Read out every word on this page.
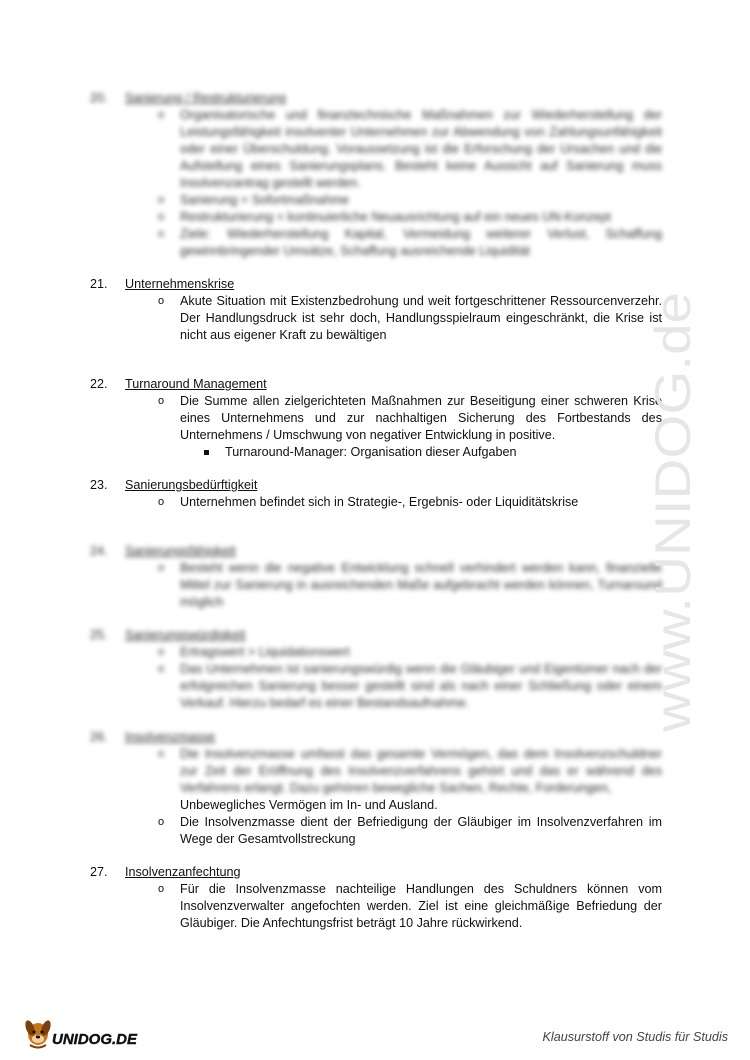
20.	Sanierung / Restrukturierung
o Organisatorische und finanztechnische Maßnahmen zur Wiederherstellung der Leistungsfähigkeit insolventer Unternehmen zur Abwendung von Zahlungsunfähigkeit oder einer Überschuldung. Voraussetzung ist die Erforschung der Ursachen und die Aufstellung eines Sanierungsplans. Besteht keine Aussicht auf Sanierung muss Insolvenzantrag gestellt werden.
o Sanierung = Sofortmaßnahme
o Restrukturierung = kontinuierliche Neuausrichtung auf ein neues UN-Konzept
o Ziele: Wiederherstellung Kapital, Vermeidung weiterer Verlust, Schaffung gewinnbringender Umsätze, Schaffung ausreichende Liquidität
21.	Unternehmenskrise
o Akute Situation mit Existenzbedrohung und weit fortgeschrittener Ressourcenverzehr. Der Handlungsdruck ist sehr doch, Handlungsspielraum eingeschränkt, die Krise ist nicht aus eigener Kraft zu bewältigen
22.	Turnaround Management
o Die Summe allen zielgerichteten Maßnahmen zur Beseitigung einer schweren Krise eines Unternehmens und zur nachhaltigen Sicherung des Fortbestands des Unternehmens / Umschwung von negativer Entwicklung in positive.
Turnaround-Manager: Organisation dieser Aufgaben
23.	Sanierungsbedürftigkeit
o Unternehmen befindet sich in Strategie-, Ergebnis- oder Liquiditätskrise
24.	Sanierungsfähigkeit
o Besteht wenn die negative Entwicklung schnell verhindert werden kann, finanzielle Mittel zur Sanierung in ausreichenden Maße aufgebracht werden können, Turnaround möglich
25.	Sanierungswürdigkeit
o Ertragswert > Liquidationswert
o Das Unternehmen ist sanierungswürdig wenn die Gläubiger und Eigentümer nach der erfolgreichen Sanierung besser gestellt sind als nach einer Schließung oder einem Verkauf. Hierzu bedarf es einer Bestandsaufnahme.
26.	Insolvenzmasse
o Die Insolvenzmasse umfasst das gesamte Vermögen, das dem Insolvenzschuldner zur Zeit der Eröffnung des Insolvenzverfahrens gehört und das er während des Verfahrens erlangt. Dazu gehören bewegliche Sachen, Rechte, Forderungen,
Unbewegliches Vermögen im In- und Ausland.
o Die Insolvenzmasse dient der Befriedigung der Gläubiger im Insolvenzverfahren im Wege der Gesamtvollstreckung
27.	Insolvenzanfechtung
o Für die Insolvenzmasse nachteilige Handlungen des Schuldners können vom Insolvenzverwalter angefochten werden. Ziel ist eine gleichmäßige Befriedung der Gläubiger. Die Anfechtungsfrist beträgt 10 Jahre rückwirkend.
www.UNIDOG.de
UNIDOG.DE	Klausurstoff von Studis für Studis
